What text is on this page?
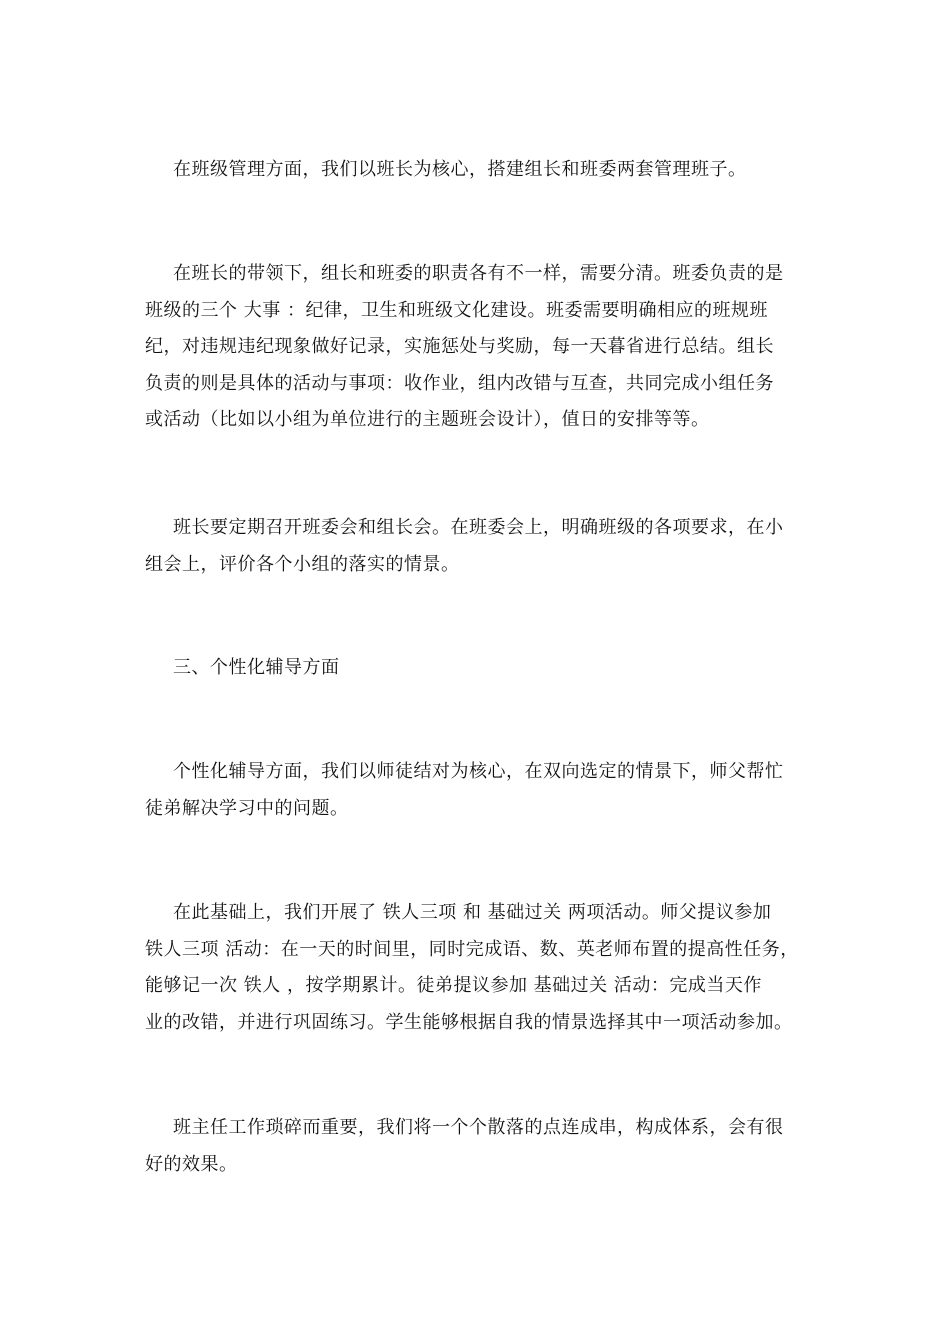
在班级管理方面，我们以班长为核心，搭建组长和班委两套管理班子。

在班长的带领下，组长和班委的职责各有不一样，需要分清。班委负责的是
班级的三个 大事 ：纪律，卫生和班级文化建设。班委需要明确相应的班规班
纪，对违规违纪现象做好记录，实施惩处与奖励，每一天暮省进行总结。组长
负责的则是具体的活动与事项：收作业，组内改错与互查，共同完成小组任务
或活动（比如以小组为单位进行的主题班会设计），值日的安排等等。

班长要定期召开班委会和组长会。在班委会上，明确班级的各项要求，在小
组会上，评价各个小组的落实的情景。

三、个性化辅导方面

个性化辅导方面，我们以师徒结对为核心，在双向选定的情景下，师父帮忙
徒弟解决学习中的问题。

在此基础上，我们开展了 铁人三项 和 基础过关 两项活动。师父提议参加
铁人三项 活动：在一天的时间里，同时完成语、数、英老师布置的提高性任务，
能够记一次 铁人 ，按学期累计。徒弟提议参加 基础过关 活动：完成当天作
业的改错，并进行巩固练习。学生能够根据自我的情景选择其中一项活动参加。

班主任工作琐碎而重要，我们将一个个散落的点连成串，构成体系，会有很
好的效果。
